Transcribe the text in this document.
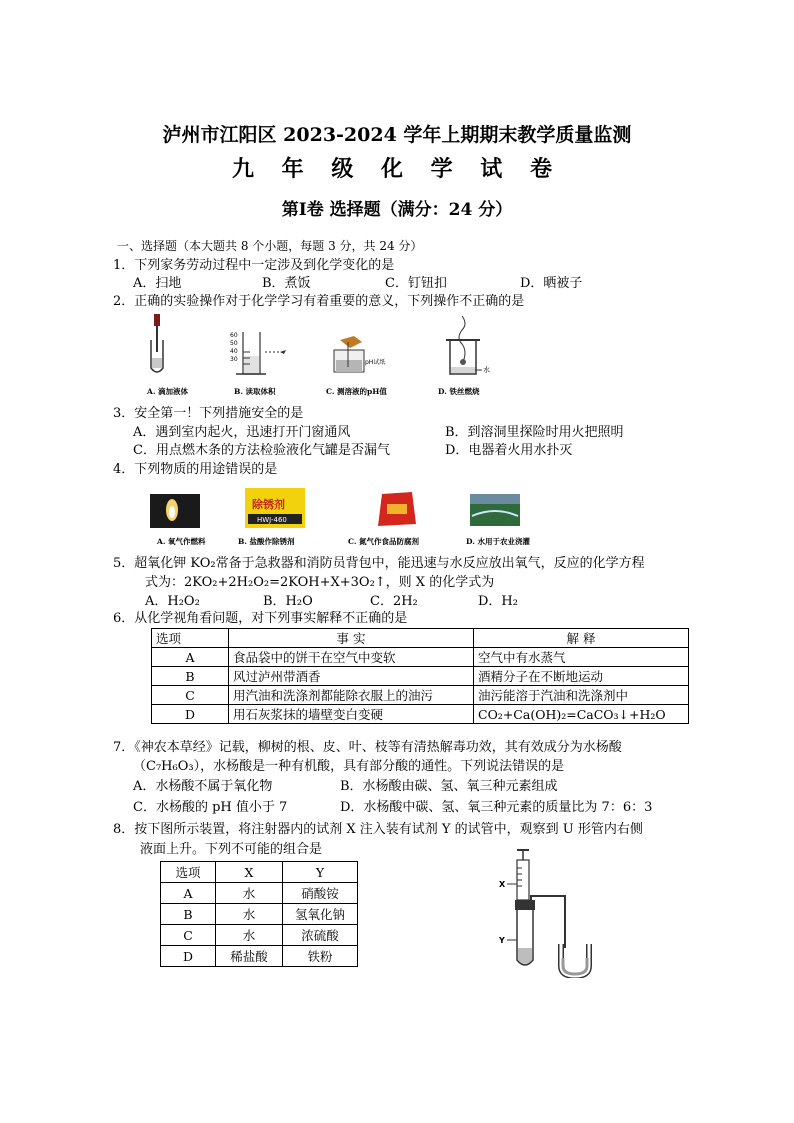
泸州市江阳区 2023-2024 学年上期期末教学质量监测
九 年 级 化 学 试 卷
第Ⅰ卷 选择题（满分：24 分）
一、选择题（本大题共 8 个小题，每题 3 分，共 24 分）
1．下列家务劳动过程中一定涉及到化学变化的是
A．扫地	B．煮饭	C．钉钮扣	D．晒被子
2．正确的实验操作对于化学学习有着重要的意义，下列操作不正确的是
60
50
40
30	pH试纸
水
A. 滴加液体	B. 读取体积	C. 测溶液的pH值	D. 铁丝燃烧
3．安全第一！下列措施安全的是
A．遇到室内起火，迅速打开门窗通风	B．到溶洞里探险时用火把照明
C．用点燃木条的方法检验液化气罐是否漏气	D．电器着火用水扑灭
4．下列物质的用途错误的是
除锈剂
HWJ-460
A. 氧气作燃料	B. 盐酸作除锈剂	C. 氮气作食品防腐剂	D. 水用于农业浇灌
5．超氧化钾 KO₂常备于急救器和消防员背包中，能迅速与水反应放出氧气，反应的化学方程
式为：2KO₂+2H₂O₂=2KOH+X+3O₂↑，则 X 的化学式为
A．H₂O₂	B．H₂O	C．2H₂	D．H₂
6．从化学视角看问题，对下列事实解释不正确的是
选项	事 实	解 释
A	食品袋中的饼干在空气中变软	空气中有水蒸气
B	风过泸州带酒香	酒精分子在不断地运动
C	用汽油和洗涤剂都能除衣服上的油污	油污能溶于汽油和洗涤剂中
D	用石灰浆抹的墙壁变白变硬	CO₂+Ca(OH)₂=CaCO₃↓+H₂O
7．《神农本草经》记载，柳树的根、皮、叶、枝等有清热解毒功效，其有效成分为水杨酸
（C₇H₆O₃），水杨酸是一种有机酸，具有部分酸的通性。下列说法错误的是
A．水杨酸不属于氧化物	B．水杨酸由碳、氢、氧三种元素组成
C．水杨酸的 pH 值小于 7	D．水杨酸中碳、氢、氧三种元素的质量比为 7：6：3
8．按下图所示装置，将注射器内的试剂 X 注入装有试剂 Y 的试管中，观察到 U 形管内右侧
液面上升。下列不可能的组合是
选项	X	Y
A	水	硝酸铵
B	水	氢氧化钠
C	水	浓硫酸
D	稀盐酸	铁粉
X
Y
